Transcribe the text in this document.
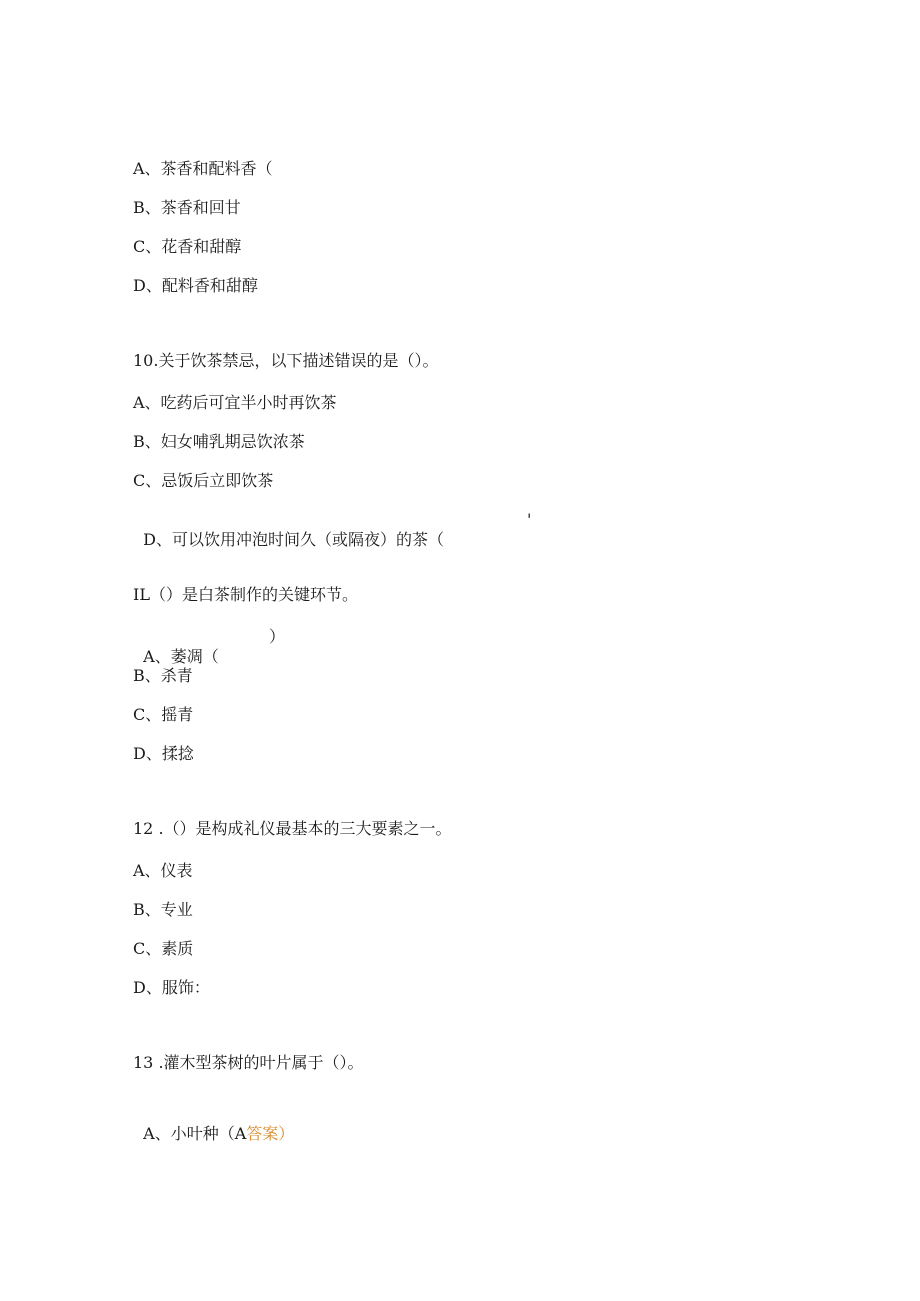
A、茶香和配料香（

B、茶香和回甘

C、花香和甜醇

D、配料香和甜醇

10.关于饮茶禁忌，以下描述错误的是（）。

A、吃药后可宜半小时再饮茶

B、妇女哺乳期忌饮浓茶

C、忌饭后立即饮茶

D、可以饮用冲泡时间久（或隔夜）的茶（

'

IL（）是白茶制作的关键环节。

A、萎凋（

）

B、杀青

C、摇青

D、揉捻

12 .（）是构成礼仪最基本的三大要素之一。

A、仪表

B、专业

C、素质

D、服饰：

13 .灌木型茶树的叶片属于（）。

A、小叶种（A答案）
